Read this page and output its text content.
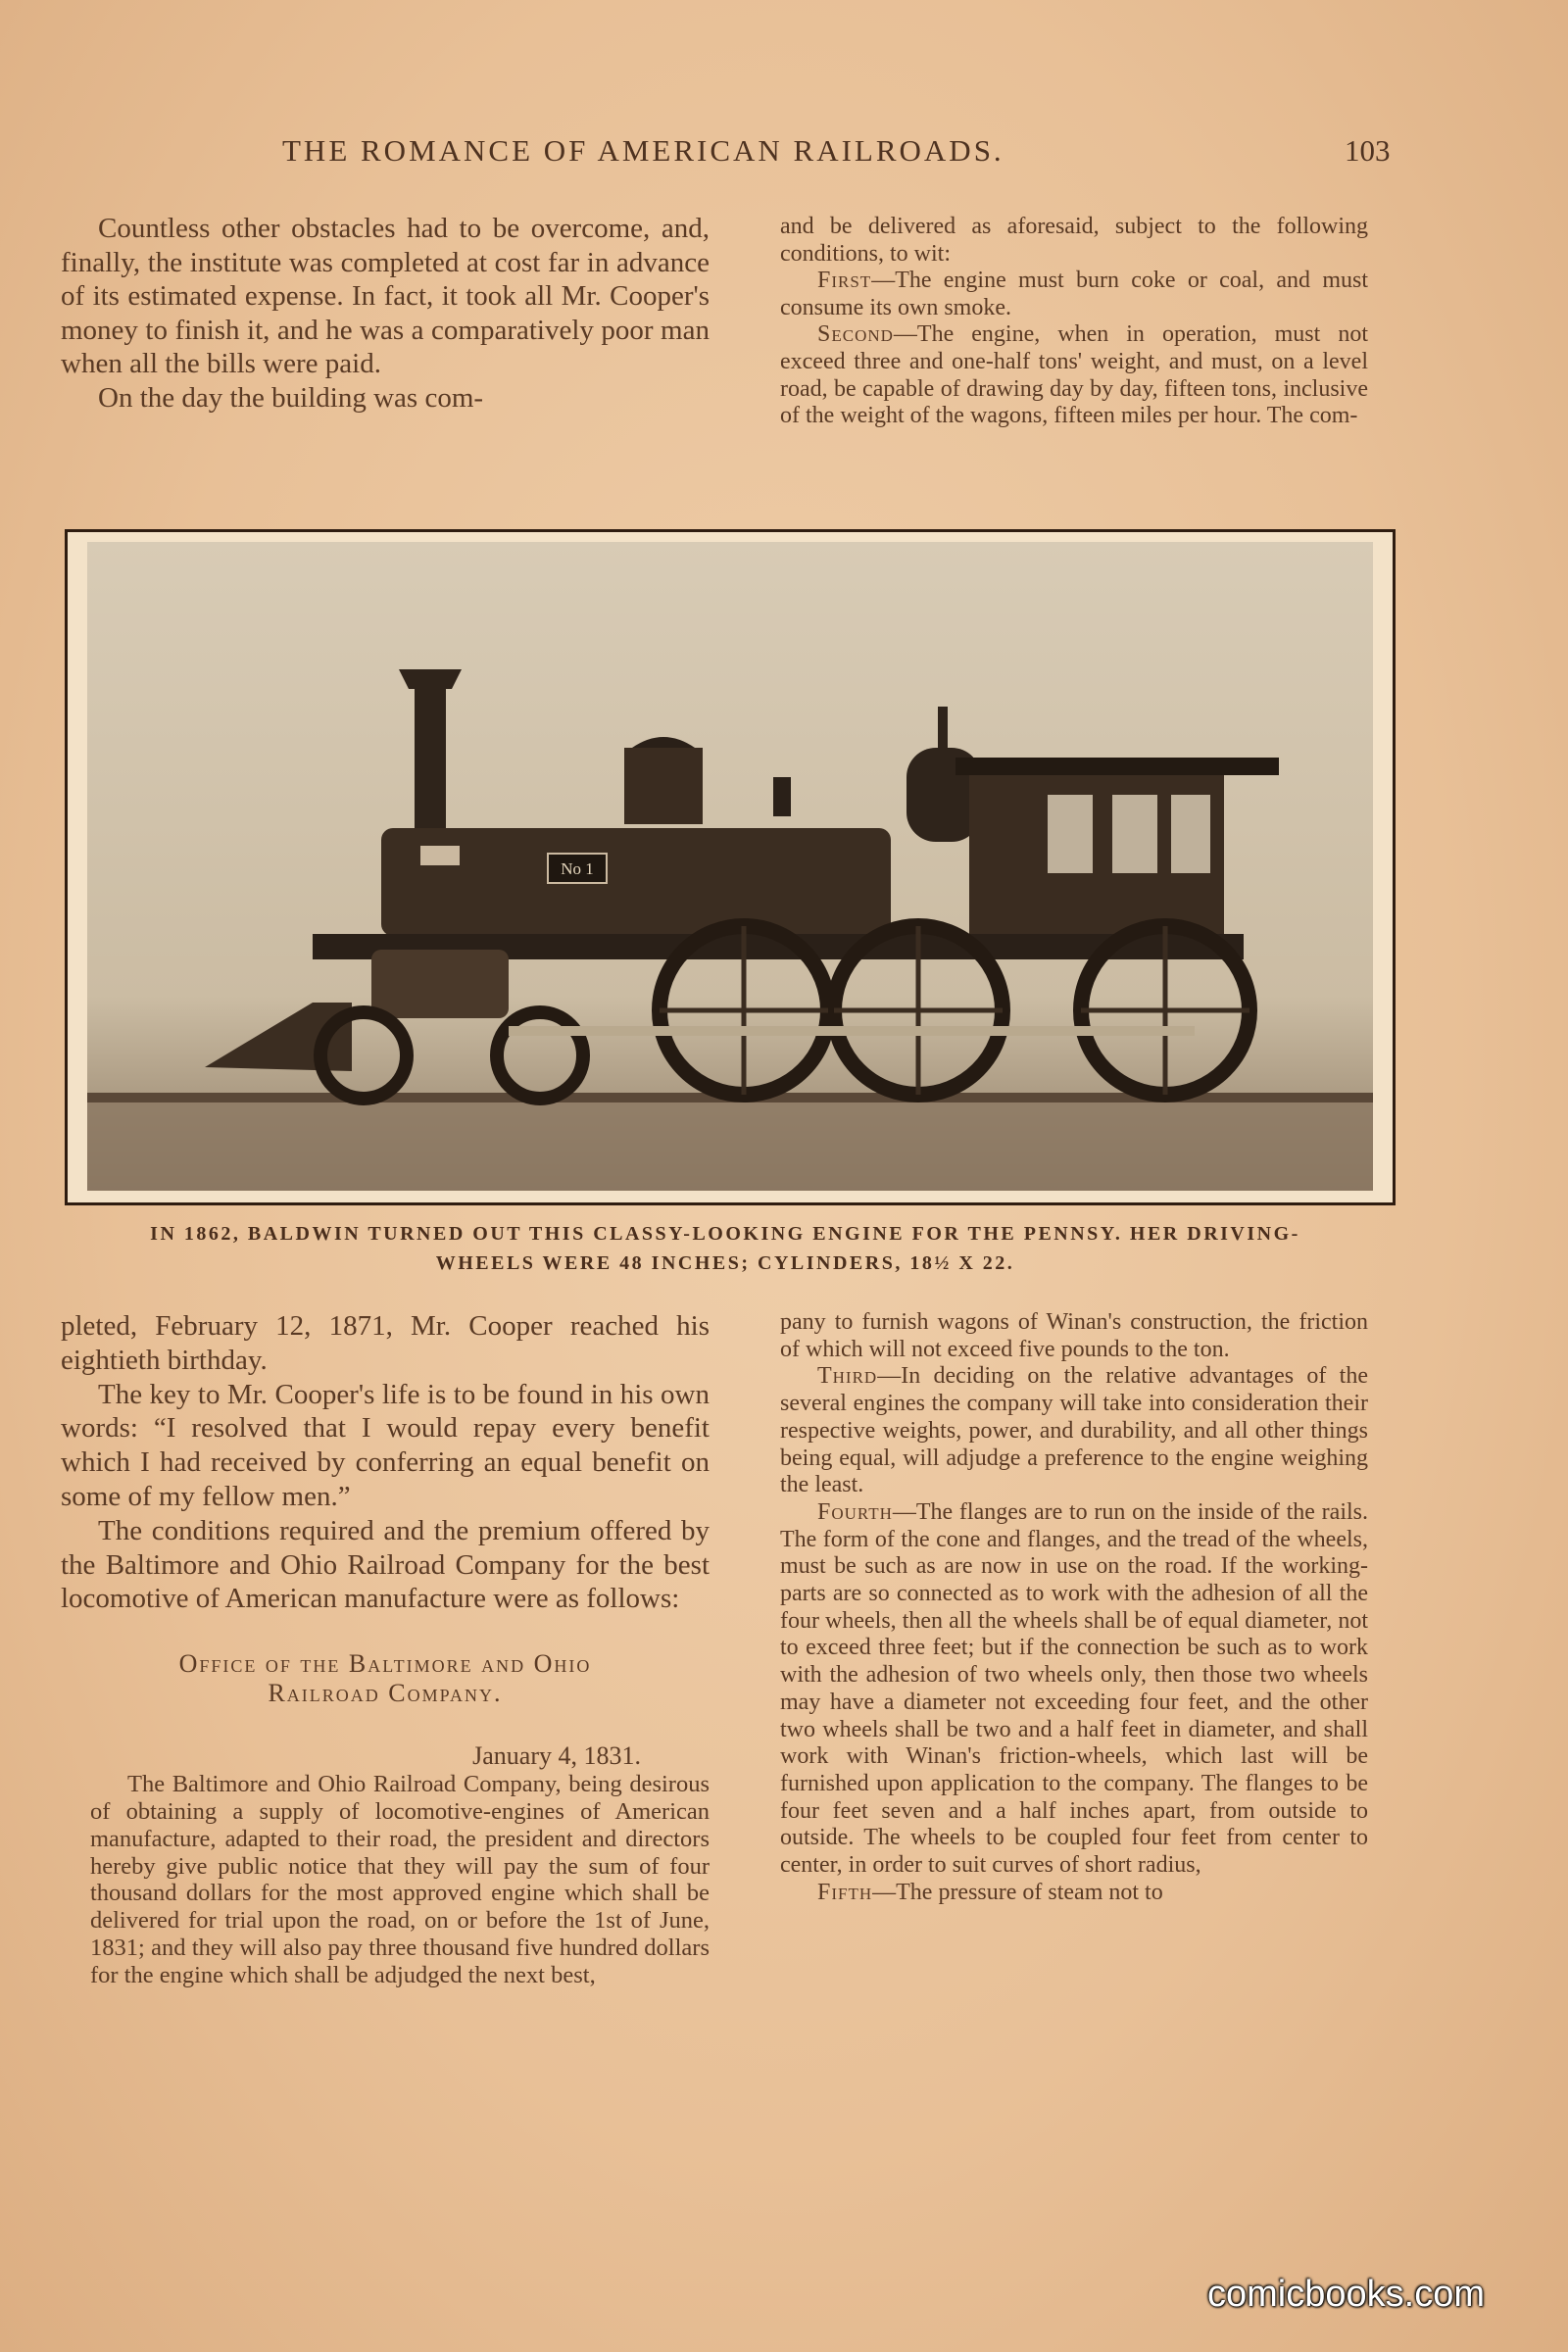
THE ROMANCE OF AMERICAN RAILROADS.	103

Countless other obstacles had to be overcome, and, finally, the institute was completed at cost far in advance of its estimated expense. In fact, it took all Mr. Cooper's money to finish it, and he was a comparatively poor man when all the bills were paid.

On the day the building was com-

and be delivered as aforesaid, subject to the following conditions, to wit:

First—The engine must burn coke or coal, and must consume its own smoke.

Second—The engine, when in operation, must not exceed three and one-half tons' weight, and must, on a level road, be capable of drawing day by day, fifteen tons, inclusive of the weight of the wagons, fifteen miles per hour. The com-

No 1
IN 1862, BALDWIN TURNED OUT THIS CLASSY-LOOKING ENGINE FOR THE PENNSY. HER DRIVING-
WHEELS WERE 48 INCHES; CYLINDERS, 18½ X 22.

pleted, February 12, 1871, Mr. Cooper reached his eightieth birthday.

The key to Mr. Cooper's life is to be found in his own words: “I resolved that I would repay every benefit which I had received by conferring an equal benefit on some of my fellow men.”

The conditions required and the premium offered by the Baltimore and Ohio Railroad Company for the best locomotive of American manufacture were as follows:

Office of the Baltimore and Ohio
Railroad Company.

January 4, 1831.

The Baltimore and Ohio Railroad Company, being desirous of obtaining a supply of locomotive-engines of American manufacture, adapted to their road, the president and directors hereby give public notice that they will pay the sum of four thousand dollars for the most approved engine which shall be delivered for trial upon the road, on or before the 1st of June, 1831; and they will also pay three thousand five hundred dollars for the engine which shall be adjudged the next best,

pany to furnish wagons of Winan's construction, the friction of which will not exceed five pounds to the ton.

Third—In deciding on the relative advantages of the several engines the company will take into consideration their respective weights, power, and durability, and all other things being equal, will adjudge a preference to the engine weighing the least.

Fourth—The flanges are to run on the inside of the rails. The form of the cone and flanges, and the tread of the wheels, must be such as are now in use on the road. If the working-parts are so connected as to work with the adhesion of all the four wheels, then all the wheels shall be of equal diameter, not to exceed three feet; but if the connection be such as to work with the adhesion of two wheels only, then those two wheels may have a diameter not exceeding four feet, and the other two wheels shall be two and a half feet in diameter, and shall work with Winan's friction-wheels, which last will be furnished upon application to the company. The flanges to be four feet seven and a half inches apart, from outside to outside. The wheels to be coupled four feet from center to center, in order to suit curves of short radius,

Fifth—The pressure of steam not to

comicbooks.com
